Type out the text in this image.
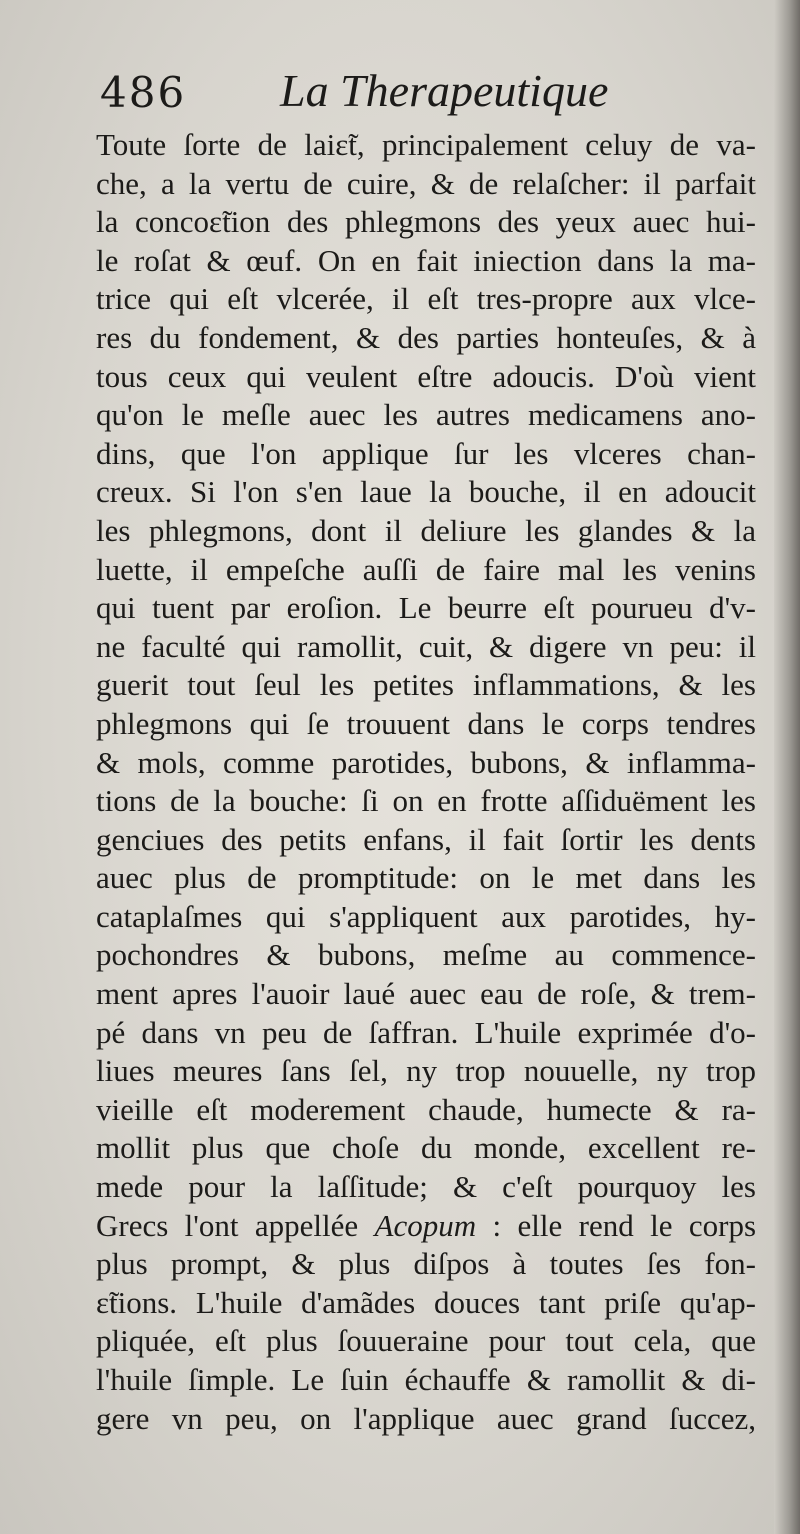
486 La Therapeutique
Toute ſorte de laiɛ̃t, principalement celuy de va-
che, a la vertu de cuire, & de relaſcher: il parfait
la concoɛ̃tion des phlegmons des yeux auec hui-
le roſat & œuf. On en fait iniection dans la ma-
trice qui eſt vlcerée, il eſt tres-propre aux vlce-
res du fondement, & des parties honteuſes, & à
tous ceux qui veulent eſtre adoucis. D'où vient
qu'on le meſle auec les autres medicamens ano-
dins, que l'on applique ſur les vlceres chan-
creux. Si l'on s'en laue la bouche, il en adoucit
les phlegmons, dont il deliure les glandes & la
luette, il empeſche auſſi de faire mal les venins
qui tuent par eroſion. Le beurre eſt pourueu d'v-
ne faculté qui ramollit, cuit, & digere vn peu: il
guerit tout ſeul les petites inflammations, & les
phlegmons qui ſe trouuent dans le corps tendres
& mols, comme parotides, bubons, & inflamma-
tions de la bouche: ſi on en frotte aſſiduëment les
genciues des petits enfans, il fait ſortir les dents
auec plus de promptitude: on le met dans les
cataplaſmes qui s'appliquent aux parotides, hy-
pochondres & bubons, meſme au commence-
ment apres l'auoir laué auec eau de roſe, & trem-
pé dans vn peu de ſaffran. L'huile exprimée d'o-
liues meures ſans ſel, ny trop nouuelle, ny trop
vieille eſt moderement chaude, humecte & ra-
mollit plus que choſe du monde, excellent re-
mede pour la laſſitude; & c'eſt pourquoy les
Grecs l'ont appellée Acopum : elle rend le corps
plus prompt, & plus diſpos à toutes ſes fon-
ɛ̃tions. L'huile d'amãdes douces tant priſe qu'ap-
pliquée, eſt plus ſouueraine pour tout cela, que
l'huile ſimple. Le ſuin échauffe & ramollit & di-
gere vn peu, on l'applique auec grand ſuccez,
